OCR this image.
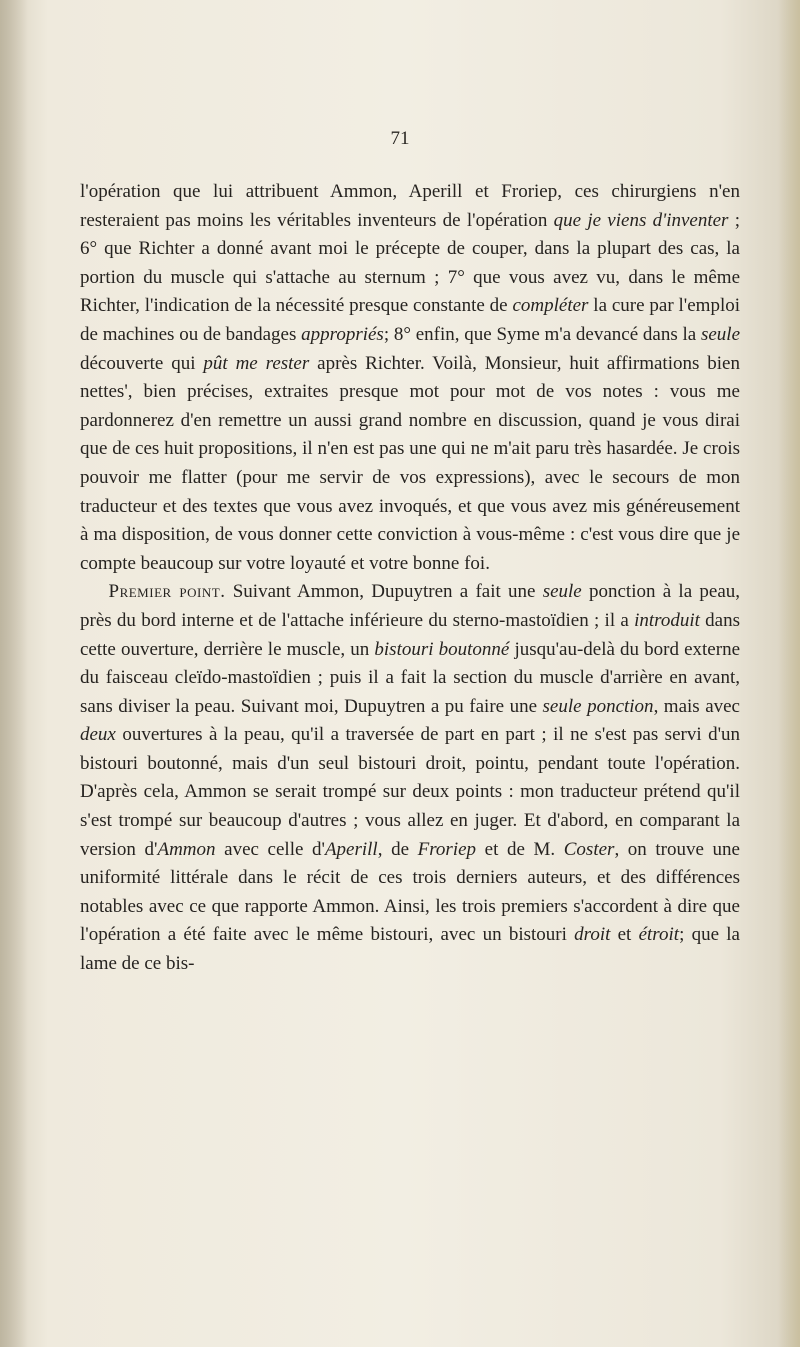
71

l'opération que lui attribuent Ammon, Aperill et Froriep, ces chirurgiens n'en resteraient pas moins les véritables inventeurs de l'opération que je viens d'inventer ; 6° que Richter a donné avant moi le précepte de couper, dans la plupart des cas, la portion du muscle qui s'attache au sternum ; 7° que vous avez vu, dans le même Richter, l'indication de la nécessité presque constante de compléter la cure par l'emploi de machines ou de bandages appropriés; 8° enfin, que Syme m'a devancé dans la seule découverte qui pût me rester après Richter. Voilà, Monsieur, huit affirmations bien nettes', bien précises, extraites presque mot pour mot de vos notes : vous me pardonnerez d'en remettre un aussi grand nombre en discussion, quand je vous dirai que de ces huit propositions, il n'en est pas une qui ne m'ait paru très hasardée. Je crois pouvoir me flatter (pour me servir de vos expressions), avec le secours de mon traducteur et des textes que vous avez invoqués, et que vous avez mis généreusement à ma disposition, de vous donner cette conviction à vous-même : c'est vous dire que je compte beaucoup sur votre loyauté et votre bonne foi.

Premier point. Suivant Ammon, Dupuytren a fait une seule ponction à la peau, près du bord interne et de l'attache inférieure du sterno-mastoïdien ; il a introduit dans cette ouverture, derrière le muscle, un bistouri boutonné jusqu'au-delà du bord externe du faisceau cleïdo-mastoïdien ; puis il a fait la section du muscle d'arrière en avant, sans diviser la peau. Suivant moi, Dupuytren a pu faire une seule ponction, mais avec deux ouvertures à la peau, qu'il a traversée de part en part ; il ne s'est pas servi d'un bistouri boutonné, mais d'un seul bistouri droit, pointu, pendant toute l'opération. D'après cela, Ammon se serait trompé sur deux points : mon traducteur prétend qu'il s'est trompé sur beaucoup d'autres ; vous allez en juger. Et d'abord, en comparant la version d'Ammon avec celle d'Aperill, de Froriep et de M. Coster, on trouve une uniformité littérale dans le récit de ces trois derniers auteurs, et des différences notables avec ce que rapporte Ammon. Ainsi, les trois premiers s'accordent à dire que l'opération a été faite avec le même bistouri, avec un bistouri droit et étroit; que la lame de ce bis-
